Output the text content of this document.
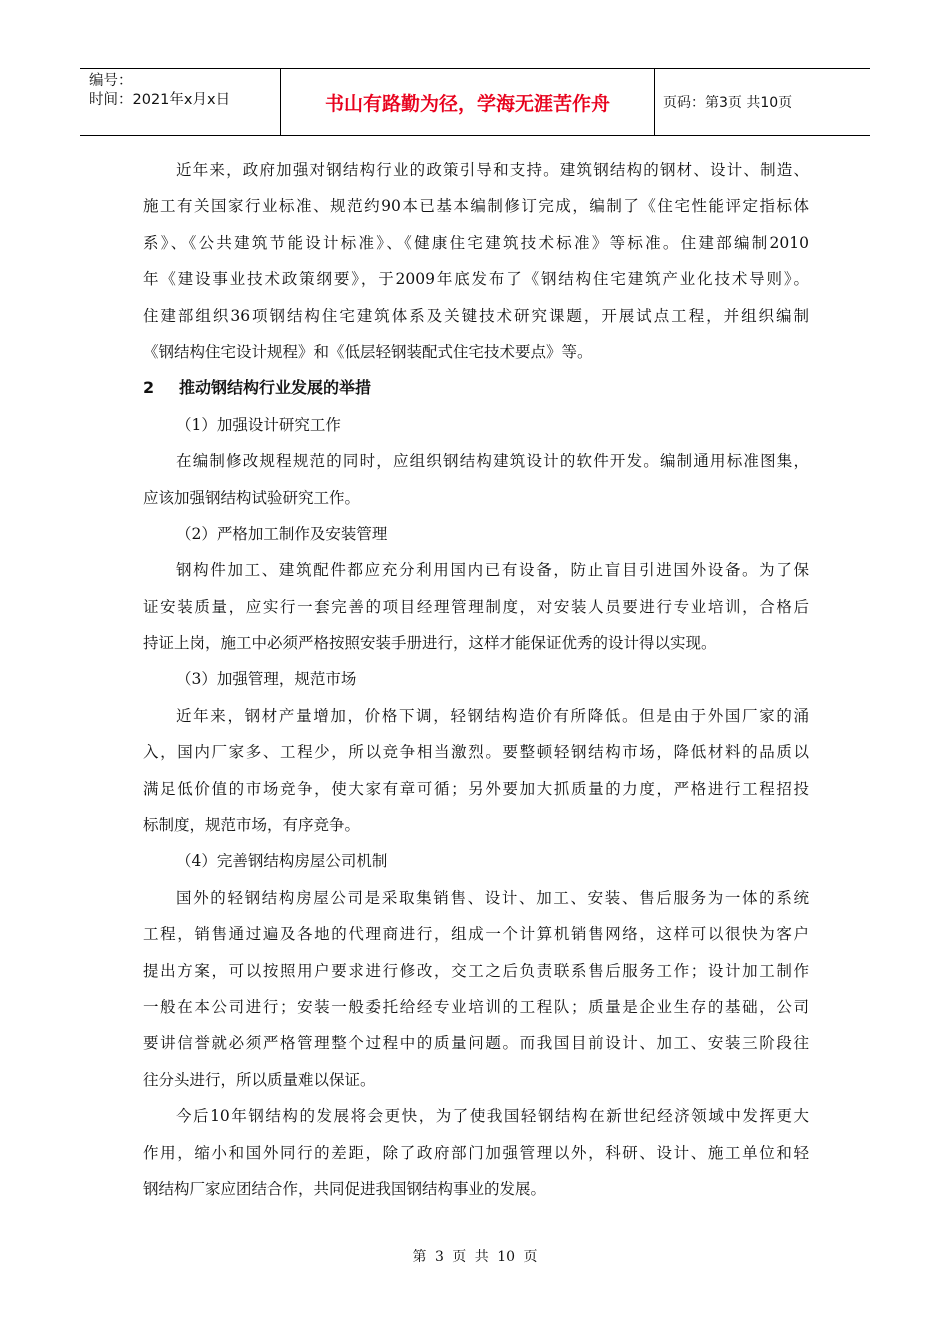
编号：
时间：2021年x月x日	书山有路勤为径，学海无涯苦作舟	页码：第3页 共10页
近年来，政府加强对钢结构行业的政策引导和支持。建筑钢结构的钢材、设计、制造、
施工有关国家行业标准、规范约90本已基本编制修订完成，编制了《住宅性能评定指标体
系》、《公共建筑节能设计标准》、《健康住宅建筑技术标准》等标准。住建部编制2010
年《建设事业技术政策纲要》，于2009年底发布了《钢结构住宅建筑产业化技术导则》。
住建部组织36项钢结构住宅建筑体系及关键技术研究课题，开展试点工程，并组织编制
《钢结构住宅设计规程》和《低层轻钢装配式住宅技术要点》等。
2 推动钢结构行业发展的举措
（1）加强设计研究工作
在编制修改规程规范的同时，应组织钢结构建筑设计的软件开发。编制通用标准图集，
应该加强钢结构试验研究工作。
（2）严格加工制作及安装管理
钢构件加工、建筑配件都应充分利用国内已有设备，防止盲目引进国外设备。为了保
证安装质量，应实行一套完善的项目经理管理制度，对安装人员要进行专业培训，合格后
持证上岗，施工中必须严格按照安装手册进行，这样才能保证优秀的设计得以实现。
（3）加强管理，规范市场
近年来，钢材产量增加，价格下调，轻钢结构造价有所降低。但是由于外国厂家的涌
入，国内厂家多、工程少，所以竞争相当激烈。要整顿轻钢结构市场，降低材料的品质以
满足低价值的市场竞争，使大家有章可循；另外要加大抓质量的力度，严格进行工程招投
标制度，规范市场，有序竞争。
（4）完善钢结构房屋公司机制
国外的轻钢结构房屋公司是采取集销售、设计、加工、安装、售后服务为一体的系统
工程，销售通过遍及各地的代理商进行，组成一个计算机销售网络，这样可以很快为客户
提出方案，可以按照用户要求进行修改，交工之后负责联系售后服务工作；设计加工制作
一般在本公司进行；安装一般委托给经专业培训的工程队；质量是企业生存的基础，公司
要讲信誉就必须严格管理整个过程中的质量问题。而我国目前设计、加工、安装三阶段往
往分头进行，所以质量难以保证。
今后10年钢结构的发展将会更快，为了使我国轻钢结构在新世纪经济领域中发挥更大
作用，缩小和国外同行的差距，除了政府部门加强管理以外，科研、设计、施工单位和轻
钢结构厂家应团结合作，共同促进我国钢结构事业的发展。
第 3 页 共 10 页
